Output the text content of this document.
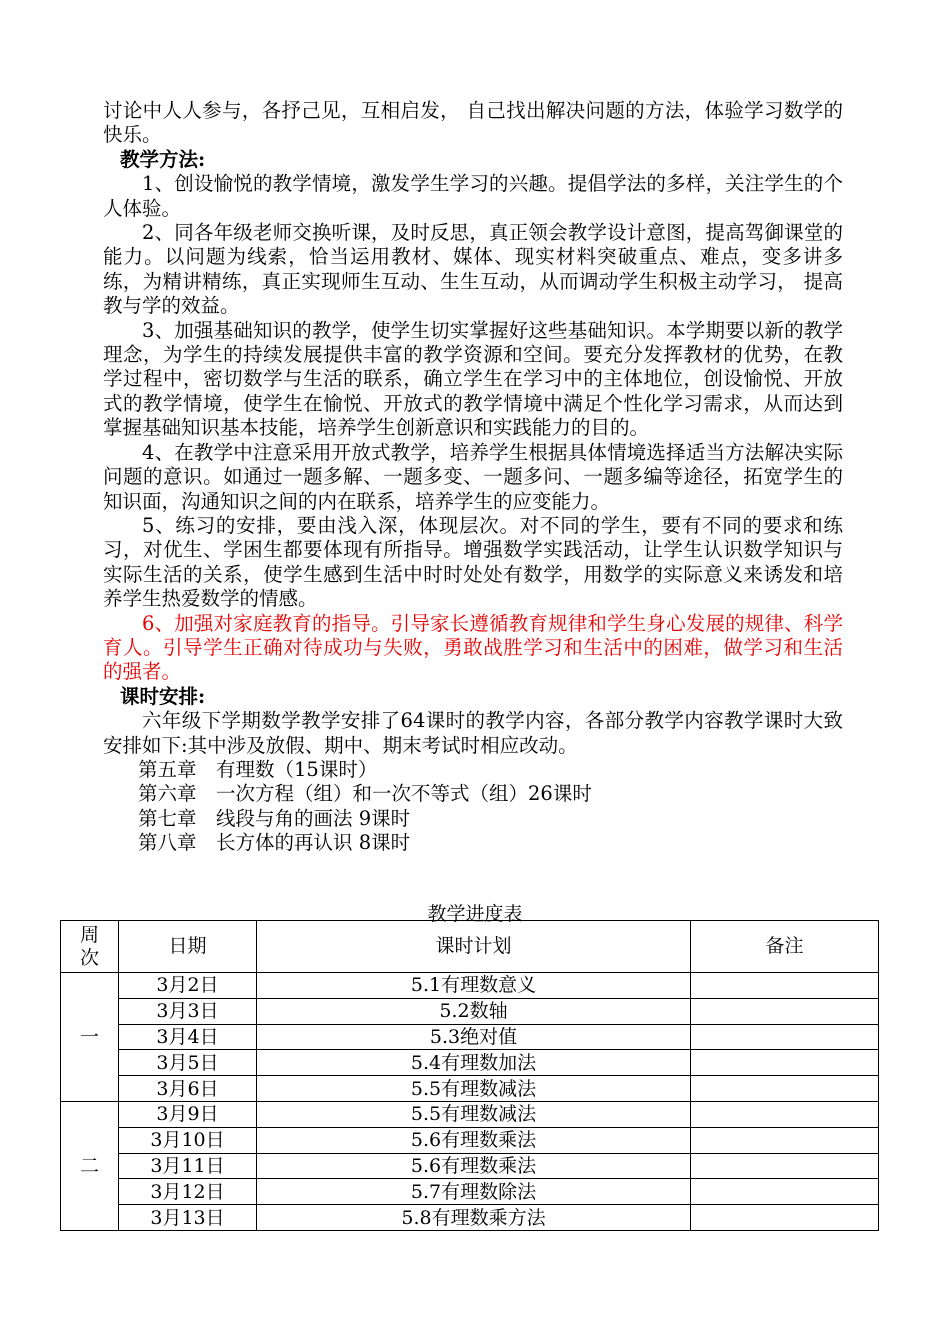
讨论中人人参与，各抒己见，互相启发， 自己找出解决问题的方法，体验学习数学的快乐。

教学方法:

1、创设愉悦的教学情境，激发学生学习的兴趣。提倡学法的多样，关注学生的个人体验。

2、同各年级老师交换听课，及时反思，真正领会教学设计意图，提高驾御课堂的能力。以问题为线索，恰当运用教材、媒体、现实材料突破重点、难点，变多讲多练，为精讲精练，真正实现师生互动、生生互动，从而调动学生积极主动学习， 提高教与学的效益。

3、加强基础知识的教学，使学生切实掌握好这些基础知识。本学期要以新的教学理念，为学生的持续发展提供丰富的教学资源和空间。要充分发挥教材的优势，在教学过程中，密切数学与生活的联系，确立学生在学习中的主体地位，创设愉悦、开放式的教学情境，使学生在愉悦、开放式的教学情境中满足个性化学习需求，从而达到掌握基础知识基本技能，培养学生创新意识和实践能力的目的。

4、在教学中注意采用开放式教学，培养学生根据具体情境选择适当方法解决实际问题的意识。如通过一题多解、一题多变、一题多问、一题多编等途径，拓宽学生的知识面，沟通知识之间的内在联系，培养学生的应变能力。

5、练习的安排，要由浅入深，体现层次。对不同的学生，要有不同的要求和练习，对优生、学困生都要体现有所指导。增强数学实践活动，让学生认识数学知识与实际生活的关系，使学生感到生活中时时处处有数学，用数学的实际意义来诱发和培养学生热爱数学的情感。

6、加强对家庭教育的指导。引导家长遵循教育规律和学生身心发展的规律、科学育人。引导学生正确对待成功与失败，勇敢战胜学习和生活中的困难，做学习和生活的强者。

课时安排:

六年级下学期数学教学安排了64课时的教学内容，各部分教学内容教学课时大致安排如下:其中涉及放假、期中、期末考试时相应改动。

第五章　有理数（15课时）

第六章　一次方程（组）和一次不等式（组）26课时

第七章　线段与角的画法 9课时

第八章　长方体的再认识 8课时

教学进度表
周次	日期	课时计划	备注
一	3月2日	5.1有理数意义	
	3月3日	5.2数轴	
	3月4日	5.3绝对值	
	3月5日	5.4有理数加法	
	3月6日	5.5有理数减法	
二	3月9日	5.5有理数减法	
	3月10日	5.6有理数乘法	
	3月11日	5.6有理数乘法	
	3月12日	5.7有理数除法	
	3月13日	5.8有理数乘方法	
